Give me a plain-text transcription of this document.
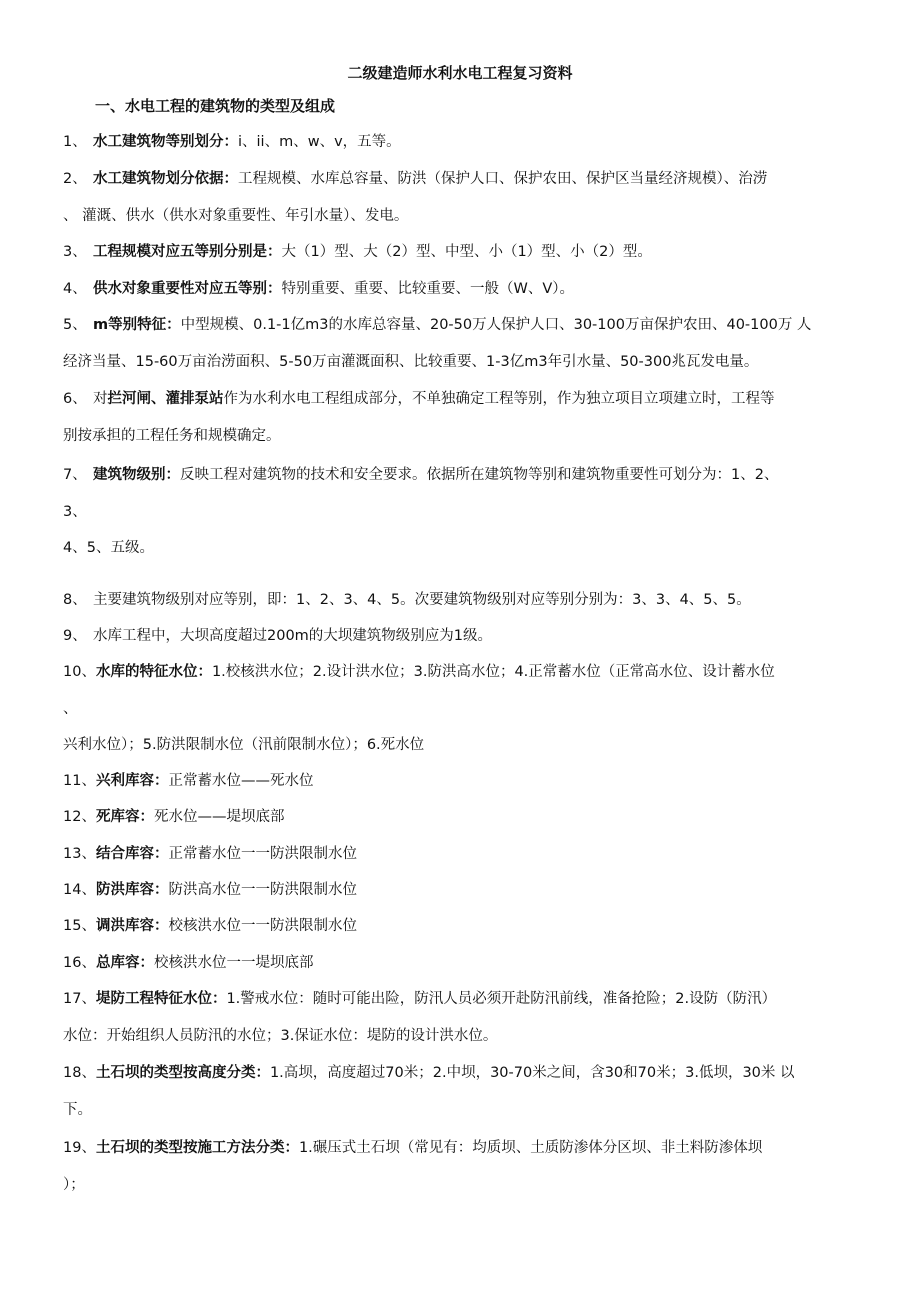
二级建造师水利水电工程复习资料
一、水电工程的建筑物的类型及组成
1、 水工建筑物等别划分：i、ii、m、w、v，五等。
2、 水工建筑物划分依据：工程规模、水库总容量、防洪（保护人口、保护农田、保护区当量经济规模）、治涝
、 灌溉、供水（供水对象重要性、年引水量）、发电。
3、 工程规模对应五等别分别是：大（1）型、大（2）型、中型、小（1）型、小（2）型。
4、 供水对象重要性对应五等别：特别重要、重要、比较重要、一般（W、V）。
5、 m等别特征：中型规模、0.1-1亿m3的水库总容量、20-50万人保护人口、30-100万亩保护农田、40-100万 人
经济当量、15-60万亩治涝面积、5-50万亩灌溉面积、比较重要、1-3亿m3年引水量、50-300兆瓦发电量。
6、 对拦河闸、灌排泵站作为水利水电工程组成部分，不单独确定工程等别，作为独立项目立项建立时，工程等
别按承担的工程任务和规模确定。
7、 建筑物级别：反映工程对建筑物的技术和安全要求。依据所在建筑物等别和建筑物重要性可划分为：1、2、
3、
4、5、五级。
8、 主要建筑物级别对应等别，即：1、2、3、4、5。次要建筑物级别对应等别分别为：3、3、4、5、5。
9、 水库工程中，大坝高度超过200m的大坝建筑物级别应为1级。
10、水库的特征水位：1.校核洪水位；2.设计洪水位；3.防洪高水位；4.正常蓄水位（正常高水位、设计蓄水位
、
兴利水位）；5.防洪限制水位（汛前限制水位）；6.死水位
11、兴利库容：正常蓄水位——死水位
12、死库容：死水位——堤坝底部
13、结合库容：正常蓄水位一一防洪限制水位
14、防洪库容：防洪高水位一一防洪限制水位
15、调洪库容：校核洪水位一一防洪限制水位
16、总库容：校核洪水位一一堤坝底部
17、堤防工程特征水位：1.警戒水位：随时可能出险，防汛人员必须开赴防汛前线，准备抢险；2.设防（防汛）
水位：开始组织人员防汛的水位；3.保证水位：堤防的设计洪水位。
18、土石坝的类型按高度分类：1.高坝，高度超过70米；2.中坝，30-70米之间，含30和70米；3.低坝，30米 以
下。
19、土石坝的类型按施工方法分类：1.碾压式土石坝（常见有：均质坝、土质防渗体分区坝、非土料防渗体坝
）；
